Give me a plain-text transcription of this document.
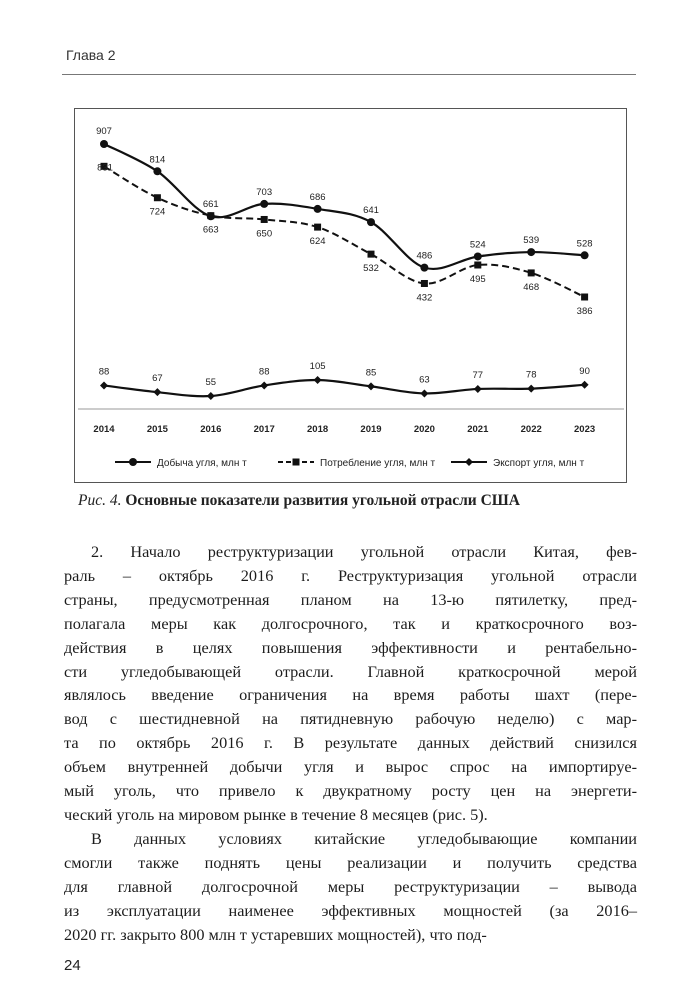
Глава 2
907
814
661
703	686
641
486
524	539	528
831
724
663	650
624
532
432
495
468
386
88
67	55
88	105
85
63	77	78	90
2014	2015	2016	2017	2018	2019	2020	2021	2022	2023
Добыча угля, млн т	Потребление угля, млн т	Экспорт угля, млн т
Рис. 4. Основные показатели развития угольной отрасли США

2. Начало реструктуризации угольной отрасли Китая, фев-
раль – октябрь 2016 г. Реструктуризация угольной отрасли
страны, предусмотренная планом на 13-ю пятилетку, пред-
полагала меры как долгосрочного, так и краткосрочного воз-
действия в целях повышения эффективности и рентабельно-
сти угледобывающей отрасли. Главной краткосрочной мерой
являлось введение ограничения на время работы шахт (пере-
вод с шестидневной на пятидневную рабочую неделю) с мар-
та по октябрь 2016 г. В результате данных действий снизился
объем внутренней добычи угля и вырос спрос на импортируе-
мый уголь, что привело к двукратному росту цен на энергети-
ческий уголь на мировом рынке в течение 8 месяцев (рис. 5).

В данных условиях китайские угледобывающие компании
смогли также поднять цены реализации и получить средства
для главной долгосрочной меры реструктуризации – вывода
из эксплуатации наименее эффективных мощностей (за 2016–
2020 гг. закрыто 800 млн т устаревших мощностей), что под-

24
